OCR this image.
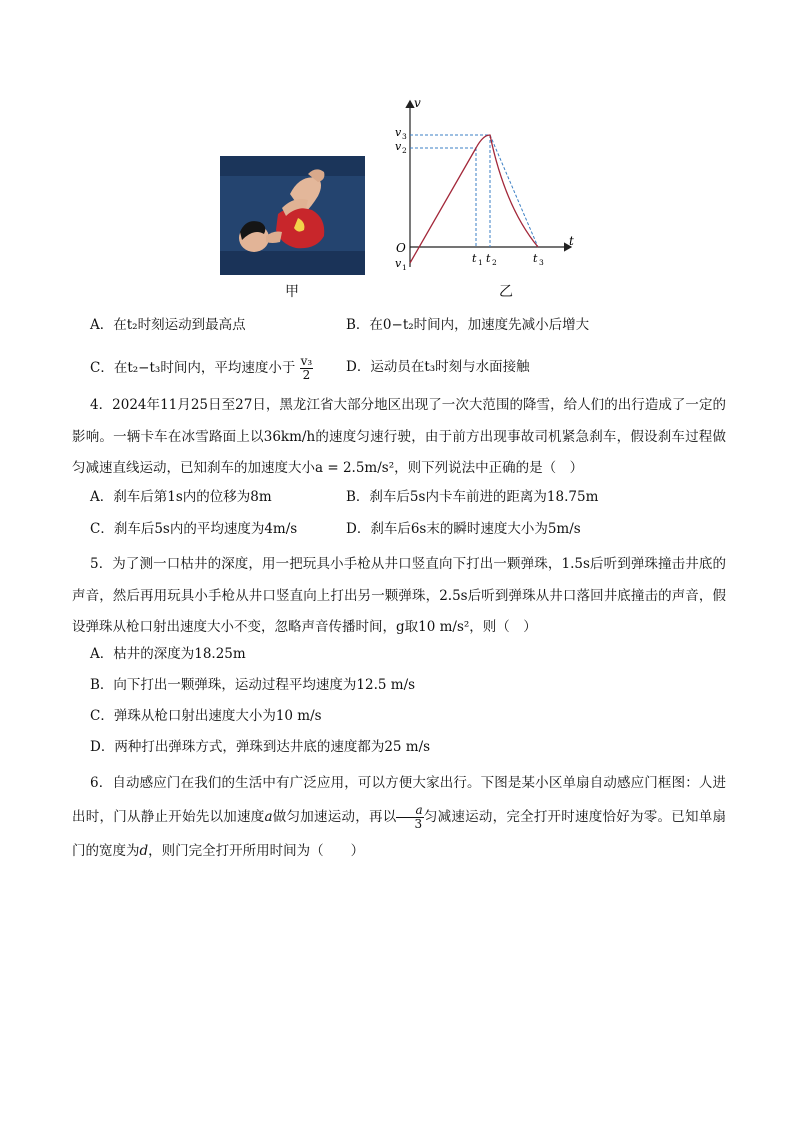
甲
v
t
O
v 3
v 2
v 1
t 1 t 2	t 3
乙
A．在t₂时刻运动到最高点	B．在0−t₂时间内，加速度先减小后增大
C．在t₂−t₃时间内，平均速度小于 $\frac{\text{v₃}}{2}$ D．运动员在t₃时刻与水面接触
4．2024年11月25日至27日，黑龙江省大部分地区出现了一次大范围的降雪，给人们的出行造成了一定的影响。一辆卡车在冰雪路面上以36km/h的速度匀速行驶，由于前方出现事故司机紧急刹车，假设刹车过程做匀减速直线运动，已知刹车的加速度大小a = 2.5m/s²，则下列说法中正确的是（　）
A．刹车后第1s内的位移为8m	B．刹车后5s内卡车前进的距离为18.75m
C．刹车后5s内的平均速度为4m/s	D．刹车后6s末的瞬时速度大小为5m/s
5．为了测一口枯井的深度，用一把玩具小手枪从井口竖直向下打出一颗弹珠，1.5s后听到弹珠撞击井底的声音，然后再用玩具小手枪从井口竖直向上打出另一颗弹珠，2.5s后听到弹珠从井口落回井底撞击的声音，假设弹珠从枪口射出速度大小不变，忽略声音传播时间，g取10 m/s²，则（　）
A．枯井的深度为18.25m
B．向下打出一颗弹珠，运动过程平均速度为12.5 m/s
C．弹珠从枪口射出速度大小为10 m/s
D．两种打出弹珠方式，弹珠到达井底的速度都为25 m/s
6．自动感应门在我们的生活中有广泛应用，可以方便大家出行。下图是某小区单扇自动感应门框图：人进出时，门从静止开始先以加速度a做匀加速运动，再以 $\frac{a}{3}$ 匀减速运动，完全打开时速度恰好为零。已知单扇门的宽度为d，则门完全打开所用时间为（　　）
